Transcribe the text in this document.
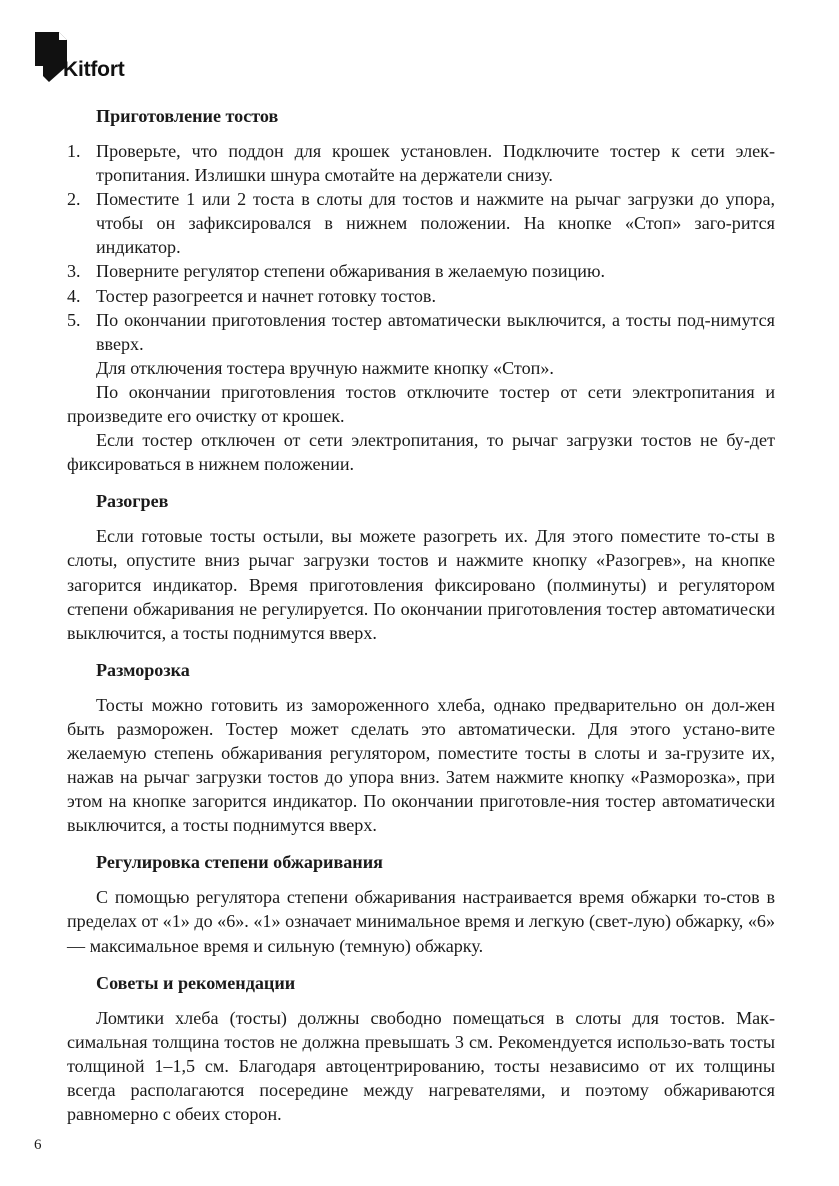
Kitfort
Приготовление тостов
1. Проверьте, что поддон для крошек установлен. Подключите тостер к сети элек-тропитания. Излишки шнура смотайте на держатели снизу.
2. Поместите 1 или 2 тоста в слоты для тостов и нажмите на рычаг загрузки до упора, чтобы он зафиксировался в нижнем положении. На кнопке «Стоп» заго-рится индикатор.
3. Поверните регулятор степени обжаривания в желаемую позицию.
4. Тостер разогреется и начнет готовку тостов.
5. По окончании приготовления тостер автоматически выключится, а тосты под-нимутся вверх.

Для отключения тостера вручную нажмите кнопку «Стоп».

По окончании приготовления тостов отключите тостер от сети электропитания и произведите его очистку от крошек.

Если тостер отключен от сети электропитания, то рычаг загрузки тостов не бу-дет фиксироваться в нижнем положении.

Разогрев

Если готовые тосты остыли, вы можете разогреть их. Для этого поместите то-сты в слоты, опустите вниз рычаг загрузки тостов и нажмите кнопку «Разогрев», на кнопке загорится индикатор. Время приготовления фиксировано (полминуты) и регулятором степени обжаривания не регулируется. По окончании приготовления тостер автоматически выключится, а тосты поднимутся вверх.

Разморозка

Тосты можно готовить из замороженного хлеба, однако предварительно он дол-жен быть разморожен. Тостер может сделать это автоматически. Для этого устано-вите желаемую степень обжаривания регулятором, поместите тосты в слоты и за-грузите их, нажав на рычаг загрузки тостов до упора вниз. Затем нажмите кнопку «Разморозка», при этом на кнопке загорится индикатор. По окончании приготовле-ния тостер автоматически выключится, а тосты поднимутся вверх.

Регулировка степени обжаривания

С помощью регулятора степени обжаривания настраивается время обжарки то-стов в пределах от «1» до «6». «1» означает минимальное время и легкую (свет-лую) обжарку, «6» — максимальное время и сильную (темную) обжарку.

Советы и рекомендации

Ломтики хлеба (тосты) должны свободно помещаться в слоты для тостов. Мак-симальная толщина тостов не должна превышать 3 см. Рекомендуется использо-вать тосты толщиной 1–1,5 см. Благодаря автоцентрированию, тосты независимо от их толщины всегда располагаются посередине между нагревателями, и поэтому обжариваются равномерно с обеих сторон.

6
